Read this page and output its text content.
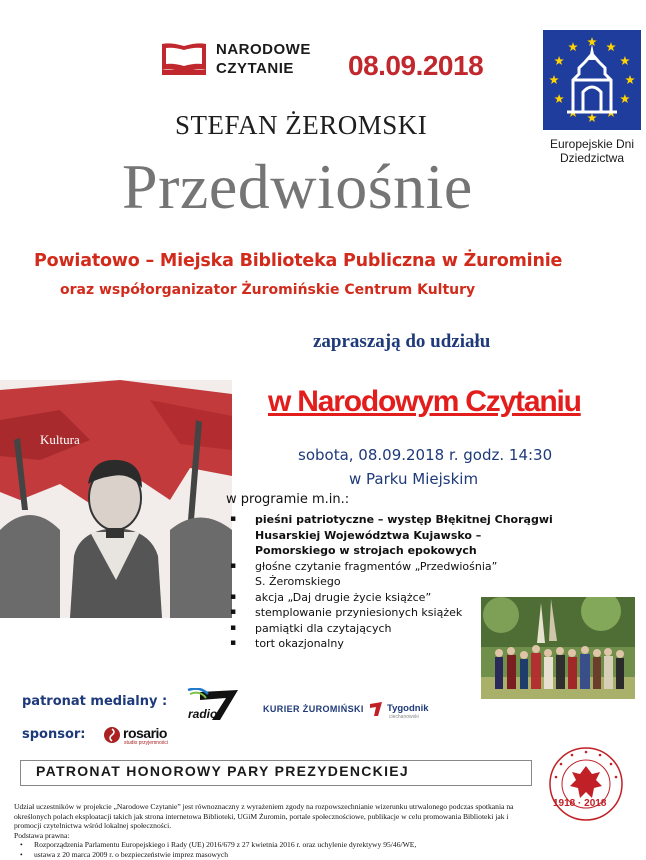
NARODOWE
CZYTANIE	08.09.2018
Europejskie Dni
Dziedzictwa
STEFAN ŻEROMSKI
Przedwiośnie
Powiatowo – Miejska Biblioteka Publiczna w Żurominie
oraz współorganizator Żuromińskie Centrum Kultury
zapraszają do udziału
Kultura
w Narodowym Czytaniu
sobota, 08.09.2018 r. godz. 14:30
w Parku Miejskim
w programie m.in.:
▪ pieśni patriotyczne – występ Błękitnej Chorągwi
Husarskiej Województwa Kujawsko –
Pomorskiego w strojach epokowych
▪ głośne czytanie fragmentów „Przedwiośnia”
S. Żeromskiego
▪ akcja „Daj drugie życie książce”
▪ stemplowanie przyniesionych książek
▪ pamiątki dla czytających
▪ tort okazjonalny
patronat medialny :
sponsor:
radio	KURIER ŻUROMIŃSKI Tygodnik
ciechanowski
rosario
studio przyjemności
PATRONAT HONOROWY PARY PREZYDENCKIEJ
1918 · 2018

Udział uczestników w projekcie „Narodowe Czytanie” jest równoznaczny z wyrażeniem zgody na rozpowszechnianie wizerunku utrwalonego podczas spotkania na określonych polach eksploatacji takich jak strona internetowa Biblioteki, UGiM Żuromin, portale społecznościowe, publikacje w celu promowania Biblioteki jak i promocji czytelnictwa wśród lokalnej społeczności.

Podstawa prawna:

• Rozporządzenia Parlamentu Europejskiego i Rady (UE) 2016/679 z 27 kwietnia 2016 r. oraz uchylenie dyrektywy 95/46/WE,
• ustawa z 20 marca 2009 r. o bezpieczeństwie imprez masowych
